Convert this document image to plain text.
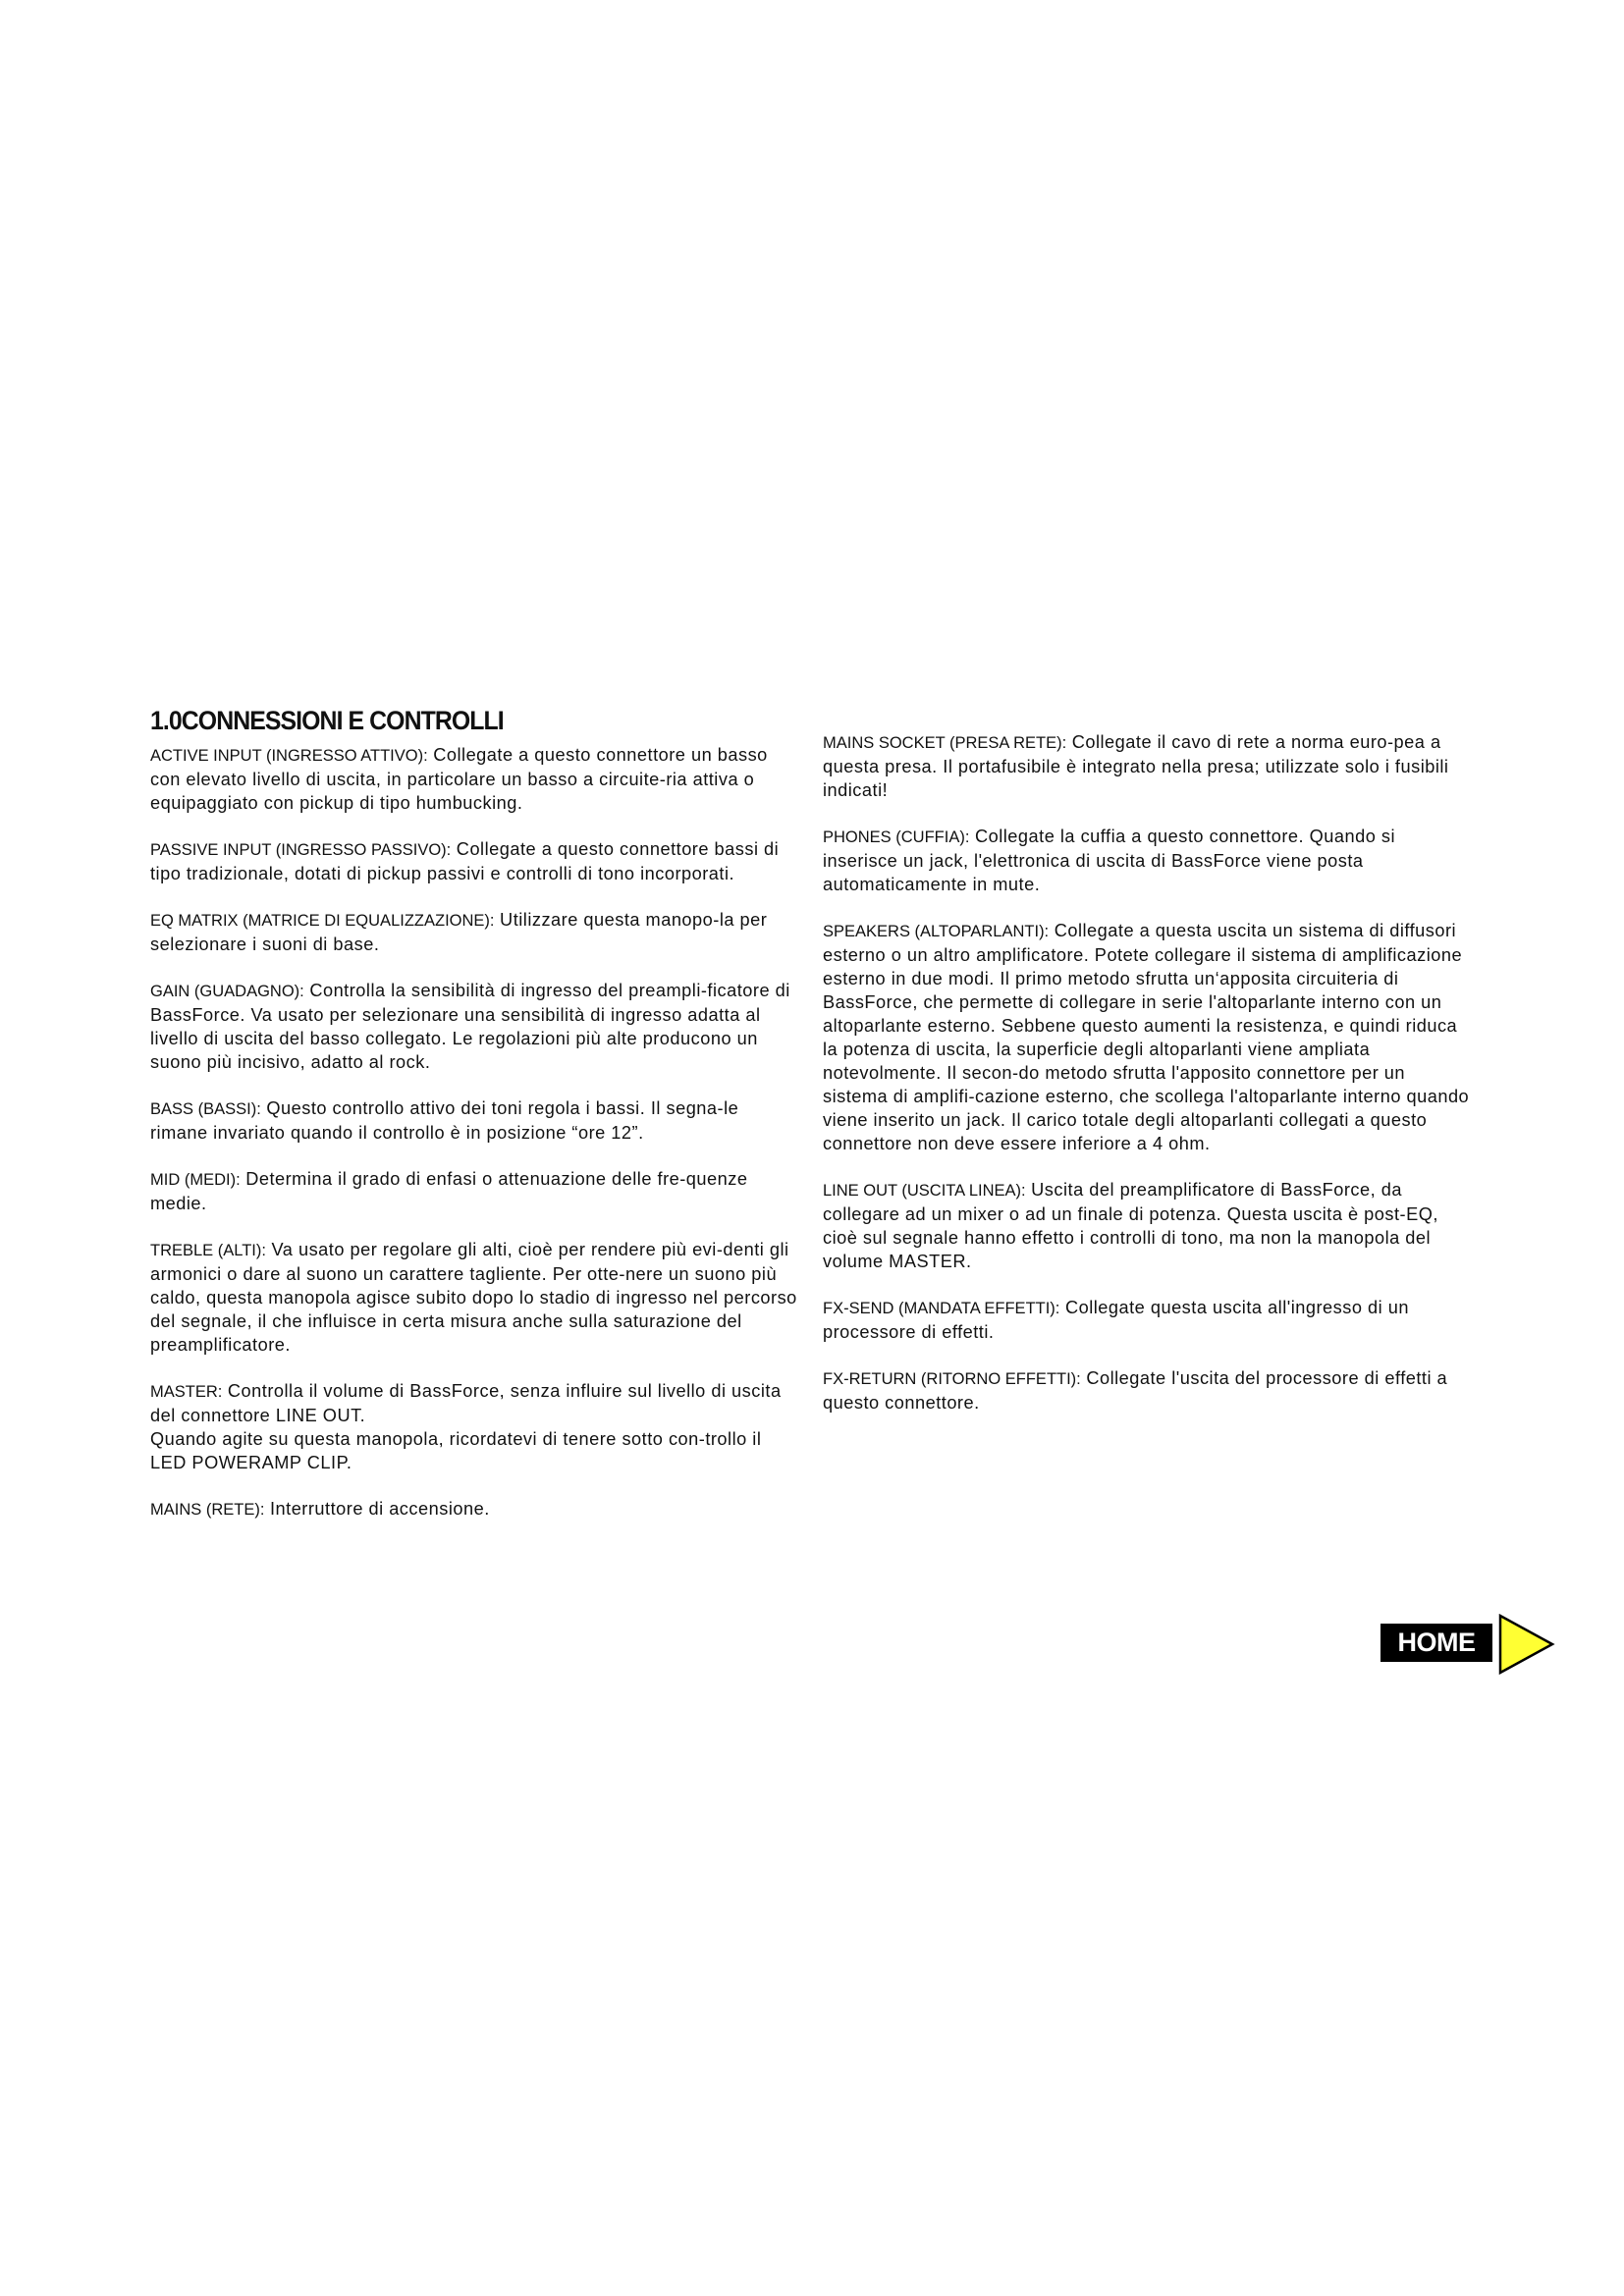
1.0CONNESSIONI E CONTROLLI

ACTIVE INPUT (INGRESSO ATTIVO): Collegate a questo connettore un basso con elevato livello di uscita, in particolare un basso a circuite-ria attiva o equipaggiato con pickup di tipo humbucking.

PASSIVE INPUT (INGRESSO PASSIVO): Collegate a questo connettore bassi di tipo tradizionale, dotati di pickup passivi e controlli di tono incorporati.

EQ MATRIX (MATRICE DI EQUALIZZAZIONE): Utilizzare questa manopo-la per selezionare i suoni di base.

GAIN (GUADAGNO): Controlla la sensibilità di ingresso del preampli-ficatore di BassForce. Va usato per selezionare una sensibilità di ingresso adatta al livello di uscita del basso collegato. Le regolazioni più alte producono un suono più incisivo, adatto al rock.

BASS (BASSI): Questo controllo attivo dei toni regola i bassi. Il segna-le rimane invariato quando il controllo è in posizione “ore 12”.

MID (MEDI): Determina il grado di enfasi o attenuazione delle fre-quenze medie.

TREBLE (ALTI): Va usato per regolare gli alti, cioè per rendere più evi-denti gli armonici o dare al suono un carattere tagliente. Per otte-nere un suono più caldo, questa manopola agisce subito dopo lo stadio di ingresso nel percorso del segnale, il che influisce in certa misura anche sulla saturazione del preamplificatore.

MASTER: Controlla il volume di BassForce, senza influire sul livello di uscita del connettore LINE OUT.
Quando agite su questa manopola, ricordatevi di tenere sotto con-trollo il LED POWERAMP CLIP.

MAINS (RETE): Interruttore di accensione.

MAINS SOCKET (PRESA RETE): Collegate il cavo di rete a norma euro-pea a questa presa. Il portafusibile è integrato nella presa; utilizzate solo i fusibili indicati!

PHONES (CUFFIA): Collegate la cuffia a questo connettore. Quando si inserisce un jack, l'elettronica di uscita di BassForce viene posta automaticamente in mute.

SPEAKERS (ALTOPARLANTI): Collegate a questa uscita un sistema di diffusori esterno o un altro amplificatore. Potete collegare il sistema di amplificazione esterno in due modi. Il primo metodo sfrutta un‘apposita circuiteria di BassForce, che permette di collegare in serie l'altoparlante interno con un altoparlante esterno. Sebbene questo aumenti la resistenza, e quindi riduca la potenza di uscita, la superficie degli altoparlanti viene ampliata notevolmente. Il secon-do metodo sfrutta l'apposito connettore per un sistema di amplifi-cazione esterno, che scollega l'altoparlante interno quando viene inserito un jack. Il carico totale degli altoparlanti collegati a questo connettore non deve essere inferiore a 4 ohm.

LINE OUT (USCITA LINEA): Uscita del preamplificatore di BassForce, da collegare ad un mixer o ad un finale di potenza. Questa uscita è post-EQ, cioè sul segnale hanno effetto i controlli di tono, ma non la manopola del volume MASTER.

FX-SEND (MANDATA EFFETTI): Collegate questa uscita all'ingresso di un processore di effetti.

FX-RETURN (RITORNO EFFETTI): Collegate l'uscita del processore di effetti a questo connettore.

HOME
